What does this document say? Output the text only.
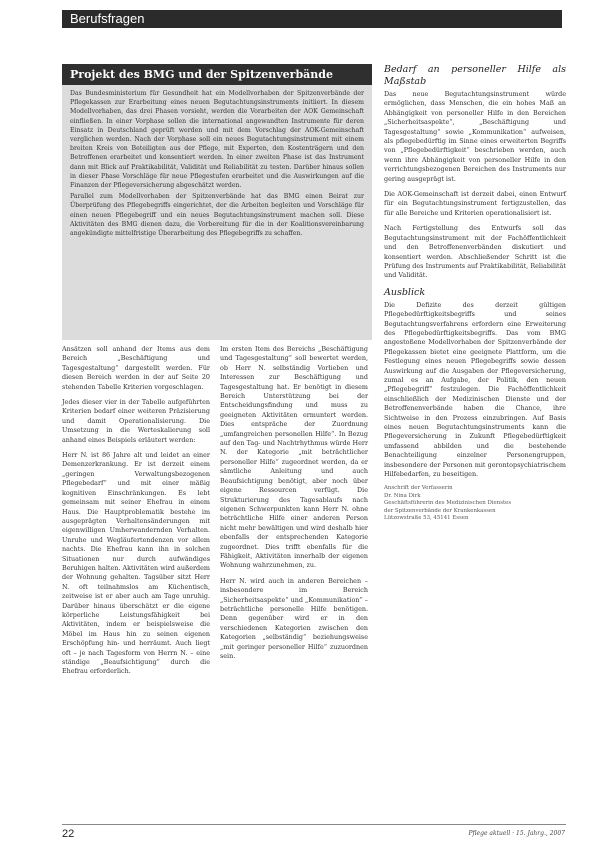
Berufsfragen
Projekt des BMG und der Spitzenverbände

Das Bundesministerium für Gesundheit hat ein Modellvorhaben der Spitzenverbände der Pflegekassen zur Erarbeitung eines neuen Begutachtungsinstruments initiiert. In diesem Modellvorhaben, das drei Phasen vorsieht, werden die Vorarbeiten der AOK Gemeinschaft einfließen. In einer Vorphase sollen die international angewandten Instrumente für deren Einsatz in Deutschland geprüft werden und mit dem Vorschlag der AOK-Gemeinschaft verglichen werden. Nach der Vorphase soll ein neues Begutachtungsinstrument mit einem breiten Kreis von Beteiligten aus der Pflege, mit Experten, den Kostenträgern und den Betroffenen erarbeitet und konsentiert werden. In einer zweiten Phase ist das Instrument dann mit Blick auf Praktikabilität, Validität und Reliabilität zu testen. Darüber hinaus sollen in dieser Phase Vorschläge für neue Pflegestufen erarbeitet und die Auswirkungen auf die Finanzen der Pflegeversicherung abgeschätzt werden.

Parallel zum Modellvorhaben der Spitzenverbände hat das BMG einen Beirat zur Überprüfung des Pflegebegriffs eingerichtet, der die Arbeiten begleiten und Vorschläge für einen neuen Pflegebegriff und ein neues Begutachtungsinstrument machen soll. Diese Aktivitäten des BMG dienen dazu, die Vorbereitung für die in der Koalitionsvereinbarung angekündigte mittelfristige Überarbeitung des Pflegebegriffs zu schaffen.

Ansätzen soll anhand der Items aus dem Bereich „Beschäftigung und Tagesgestaltung“ dargestellt werden. Für diesen Bereich werden in der auf Seite 20 stehenden Tabelle Kriterien vorgeschlagen.

Jedes dieser vier in der Tabelle aufgeführten Kriterien bedarf einer weiteren Präzisierung und damit Operationalisierung. Die Umsetzung in die Werteskalierung soll anhand eines Beispiels erläutert werden:

Herr N. ist 86 Jahre alt und leidet an einer Demenzerkrankung. Er ist derzeit einem „geringen Verwaltungsbezogenen Pflegebedarf“ und mit einer mäßig kognitiven Einschränkungen. Es lebt gemeinsam mit seiner Ehefrau in einem Haus. Die Hauptproblematik bestehe im ausgeprägten Verhaltensänderungen mit eigenwilligen Umherwandernden Verhalten. Unruhe und Wegläufertendenzen vor allem nachts. Die Ehefrau kann ihn in solchen Situationen nur durch aufwändiges Beruhigen halten. Aktivitäten wird außerdem der Wohnung gehalten. Tagsüber sitzt Herr N. oft teilnahmslos am Küchentisch, zeitweise ist er aber auch am Tage unruhig. Darüber hinaus überschätzt er die eigene körperliche Leistungsfähigkeit bei Aktivitäten, indem er beispielsweise die Möbel im Haus hin zu seinen eigenen Erschöpfung hin- und herräumt. Auch liegt oft – je nach Tagesform von Herrn N. – eine ständige „Beaufsichtigung“ durch die Ehefrau erforderlich.

Im ersten Item des Bereichs „Beschäftigung und Tagesgestaltung“ soll bewertet werden, ob Herr N. selbständig Vorlieben und Interessen zur Beschäftigung und Tagesgestaltung hat. Er benötigt in diesem Bereich Unterstützung bei der Entscheidungsfindung und muss zu geeigneten Aktivitäten ermuntert werden. Dies entspräche der Zuordnung „umfangreichen personellen Hilfe“. In Bezug auf den Tag- und Nachtrhythmus würde Herr N. der Kategorie „mit beträchtlicher personeller Hilfe“ zugeordnet werden, da er sämtliche Anleitung und auch Beaufsichtigung benötigt, aber noch über eigene Ressourcen verfügt. Die Strukturierung des Tagesablaufs nach eigenen Schwerpunkten kann Herr N. ohne beträchtliche Hilfe einer anderen Person nicht mehr bewältigen und wird deshalb hier ebenfalls der entsprechenden Kategorie zugeordnet. Dies trifft ebenfalls für die Fähigkeit, Aktivitäten innerhalb der eigenen Wohnung wahrzunehmen, zu.

Herr N. wird auch in anderen Bereichen – insbesondere im Bereich „Sicherheitsaspekte“ und „Kommunikation“ – beträchtliche personelle Hilfe benötigen. Denn gegenüber wird er in den verschiedenen Kategorien zwischen den Kategorien „selbständig“ beziehungsweise „mit geringer personeller Hilfe“ zuzuordnen sein.

Bedarf an personeller Hilfe als Maßstab

Das neue Begutachtungsinstrument würde ermöglichen, dass Menschen, die ein hohes Maß an Abhängigkeit von personeller Hilfe in den Bereichen „Sicherheitsaspekte“, „Beschäftigung und Tagesgestaltung“ sowie „Kommunikation“ aufweisen, als pflegebedürftig im Sinne eines erweiterten Begriffs von „Pflegebedürftigkeit“ beschrieben werden, auch wenn ihre Abhängigkeit von personeller Hilfe in den verrichtungsbezogenen Bereichen des Instruments nur gering ausgeprägt ist.

Die AOK-Gemeinschaft ist derzeit dabei, einen Entwurf für ein Begutachtungsinstrument fertigzustellen, das für alle Bereiche und Kriterien operationalisiert ist.

Nach Fertigstellung des Entwurfs soll das Begutachtungsinstrument mit der Fachöffentlichkeit und den Betroffenenverbänden diskutiert und konsentiert werden. Abschließender Schritt ist die Prüfung des Instruments auf Praktikabilität, Reliabilität und Validität.

Ausblick

Die Defizite des derzeit gültigen Pflegebedürftigkeitsbegriffs und seines Begutachtungsverfahrens erfordern eine Erweiterung des Pflegebedürftigkeitsbegriffs. Das vom BMG angestoßene Modellvorhaben der Spitzenverbände der Pflegekassen bietet eine geeignete Plattform, um die Festlegung eines neuen Pflegebegriffs sowie dessen Auswirkung auf die Ausgaben der Pflegeversicherung, zumal es an Aufgabe, der Politik, den neuen „Pflegebegriff“ festzulegen. Die Fachöffentlichkeit einschließlich der Medizinischen Dienste und der Betroffenenverbände haben die Chance, ihre Sichtweise in den Prozess einzubringen. Auf Basis eines neuen Begutachtungsinstruments kann die Pflegeversicherung in Zukunft Pflegebedürftigkeit umfassend abbilden und die bestehende Benachteiligung einzelner Personengruppen, insbesondere der Personen mit gerontopsychiatrischem Hilfebedarfen, zu beseitigen.

Anschrift der Verfasserin
Dr. Nina Dirk
Geschäftsführerin des Medizinischen Dienstes
der Spitzenverbände der Krankenkassen
Lützowstraße 53, 45141 Essen
22	Pflege aktuell · 15. Jahrg., 2007
